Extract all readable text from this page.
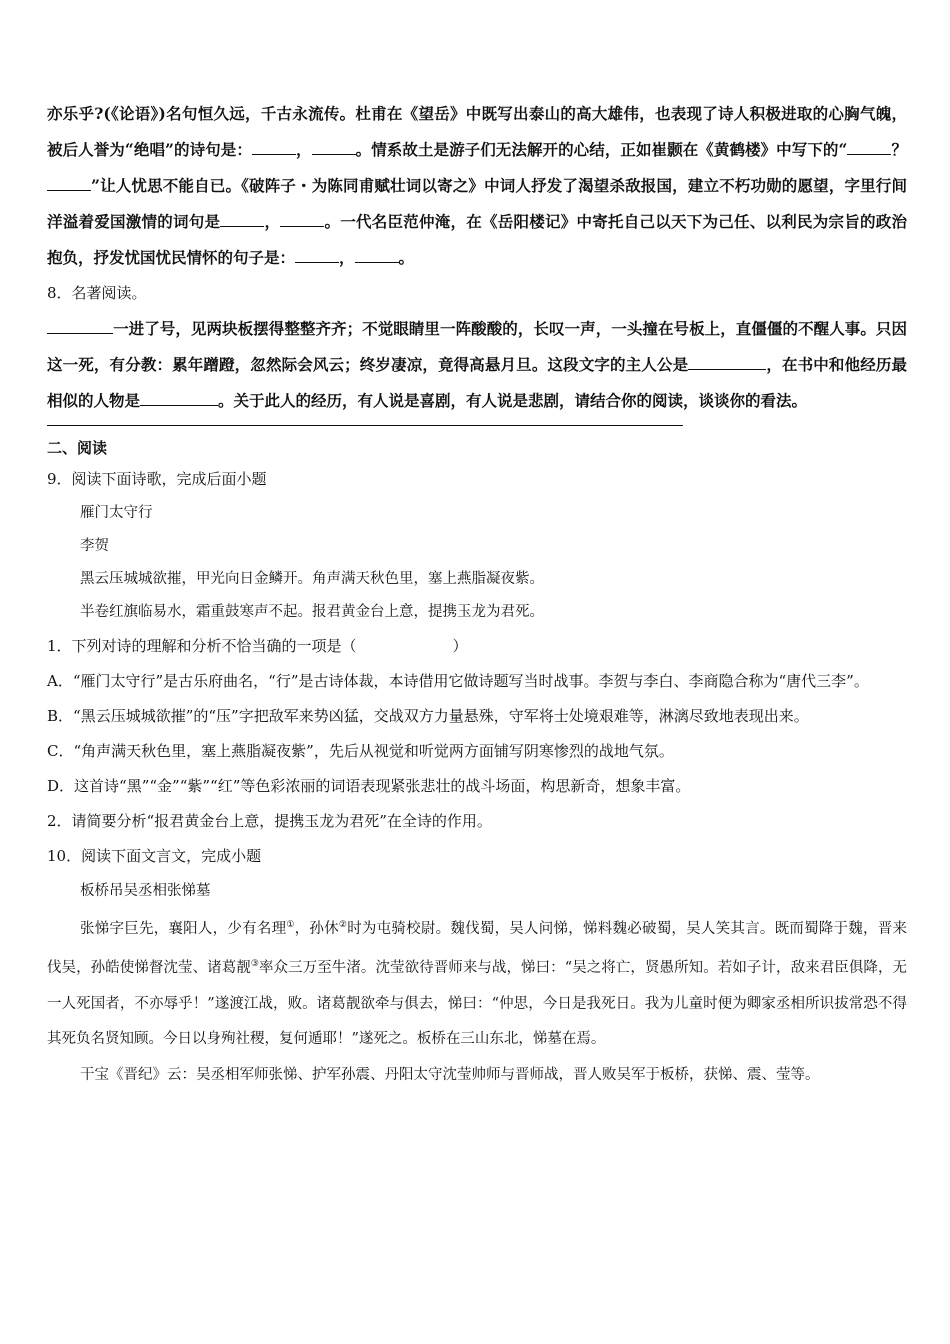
亦乐乎?(《论语》)名句恒久远，千古永流传。杜甫在《望岳》中既写出泰山的高大雄伟，也表现了诗人积极进取的心胸气魄，被后人誉为“绝唱”的诗句是：	，	。情系故土是游子们无法解开的心结，正如崔颢在《黄鹤楼》中写下的“	？”让人忧思不能自已。《破阵子・为陈同甫赋壮词以寄之》中词人抒发了渴望杀敌报国，建立不朽功勋的愿望，字里行间洋溢着爱国激情的词句是	，	。一代名臣范仲淹，在《岳阳楼记》中寄托自己以天下为己任、以利民为宗旨的政治抱负，抒发忧国忧民情怀的句子是：	，	。

8．名著阅读。

一进了号，见两块板摆得整整齐齐；不觉眼睛里一阵酸酸的，长叹一声，一头撞在号板上，直僵僵的不醒人事。只因这一死，有分教：累年蹭蹬，忽然际会风云；终岁凄凉，竟得高悬月旦。这段文字的主人公是	，在书中和他经历最相似的人物是	。关于此人的经历，有人说是喜剧，有人说是悲剧，请结合你的阅读，谈谈你的看法。

二、阅读

9．阅读下面诗歌，完成后面小题

雁门太守行

李贺

黑云压城城欲摧，甲光向日金鳞开。角声满天秋色里，塞上燕脂凝夜紫。

半卷红旗临易水，霜重鼓寒声不起。报君黄金台上意，提携玉龙为君死。

1．下列对诗的理解和分析不恰当确的一项是（	）

A．“雁门太守行”是古乐府曲名，“行”是古诗体裁，本诗借用它做诗题写当时战事。李贺与李白、李商隐合称为“唐代三李”。

B．“黑云压城城欲摧”的“压”字把敌军来势凶猛，交战双方力量悬殊，守军将士处境艰难等，淋漓尽致地表现出来。

C．“角声满天秋色里，塞上燕脂凝夜紫”，先后从视觉和听觉两方面铺写阴寒惨烈的战地气氛。

D．这首诗“黑”“金”“紫”“红”等色彩浓丽的词语表现紧张悲壮的战斗场面，构思新奇，想象丰富。

2．请简要分析“报君黄金台上意，提携玉龙为君死”在全诗的作用。

10．阅读下面文言文，完成小题

板桥吊吴丞相张悌墓

张悌字巨先，襄阳人，少有名理①，孙休②时为屯骑校尉。魏伐蜀，吴人问悌，悌料魏必破蜀，吴人笑其言。既而蜀降于魏，晋来伐吴，孙皓使悌督沈莹、诸葛靓③率众三万至牛渚。沈莹欲待晋师来与战，悌曰：“吴之将亡，贤愚所知。若如子计，敌来君臣俱降，无一人死国者，不亦辱乎！”遂渡江战，败。诸葛靓欲牵与俱去，悌曰：“仲思，今日是我死日。我为儿童时便为卿家丞相所识拔常恐不得其死负名贤知顾。今日以身殉社稷，复何遁耶！”遂死之。板桥在三山东北，悌墓在焉。

干宝《晋纪》云：吴丞相军师张悌、护军孙震、丹阳太守沈莹帅师与晋师战，晋人败吴军于板桥，获悌、震、莹等。
